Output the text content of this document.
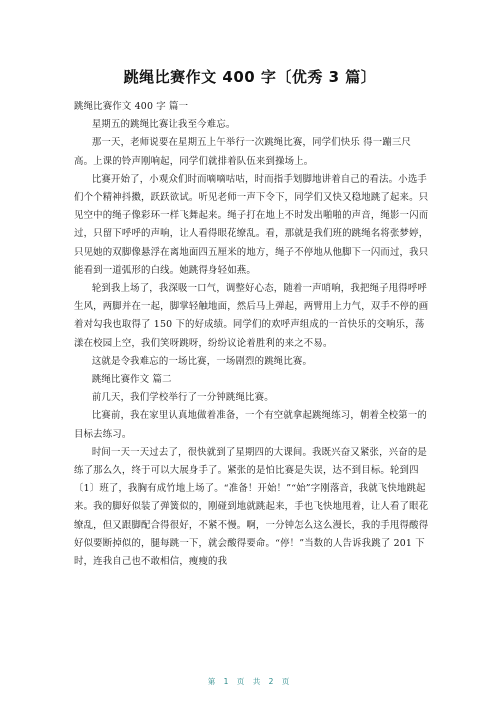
跳绳比赛作文 400 字〔优秀 3 篇〕

跳绳比赛作文 400 字 篇一

星期五的跳绳比赛让我至今难忘。

那一天，老师说要在星期五上午举行一次跳绳比赛，同学们快乐 得一蹦三尺高。上课的铃声刚响起，同学们就排着队伍来到操场上。

比赛开始了，小观众们时而嘀嘀咕咕，时而指手划脚地讲着自己的看法。小选手们个个精神抖擞，跃跃欲试。听见老师一声下令下，同学们又快又稳地跳了起来。只见空中的绳子像彩环一样飞舞起来。绳子打在地上不时发出啪啪的声音，绳影一闪而过，只留下呼呼的声响，让人看得眼花缭乱。看，那就是我们班的跳绳名将张梦婷，只见她的双脚像悬浮在离地面四五厘米的地方，绳子不停地从他脚下一闪而过，我只能看到一道弧形的白线。她跳得身轻如燕。

轮到我上场了，我深吸一口气，调整好心态，随着一声哨响，我把绳子甩得呼呼生风，两脚并在一起，脚掌轻触地面，然后马上弹起，两臂用上力气，双手不停的画着对勾我也取得了 150 下的好成绩。同学们的欢呼声组成的一首快乐的交响乐，荡漾在校园上空，我们笑呀跳呀，纷纷议论着胜利的来之不易。

这就是令我难忘的一场比赛，一场剧烈的跳绳比赛。

跳绳比赛作文 篇二

前几天，我们学校举行了一分钟跳绳比赛。

比赛前，我在家里认真地做着准备，一个有空就拿起跳绳练习，朝着全校第一的目标去练习。

时间一天一天过去了，很快就到了星期四的大课间。我既兴奋又紧张，兴奋的是练了那么久，终于可以大展身手了。紧张的是怕比赛是失误，达不到目标。轮到四〔1〕班了，我胸有成竹地上场了。“准备！开始！”“始”字刚落音，我就飞快地跳起来。我的脚好似装了弹簧似的，刚碰到地就跳起来，手也飞快地甩着，让人看了眼花缭乱，但又跟脚配合得很好，不紧不慢。啊，一分钟怎么这么漫长，我的手甩得酸得好似要断掉似的，腿每跳一下，就会酸得要命。“停！”当数的人告诉我跳了 201 下时，连我自己也不敢相信，瘦瘦的我

第 1 页 共 2 页
